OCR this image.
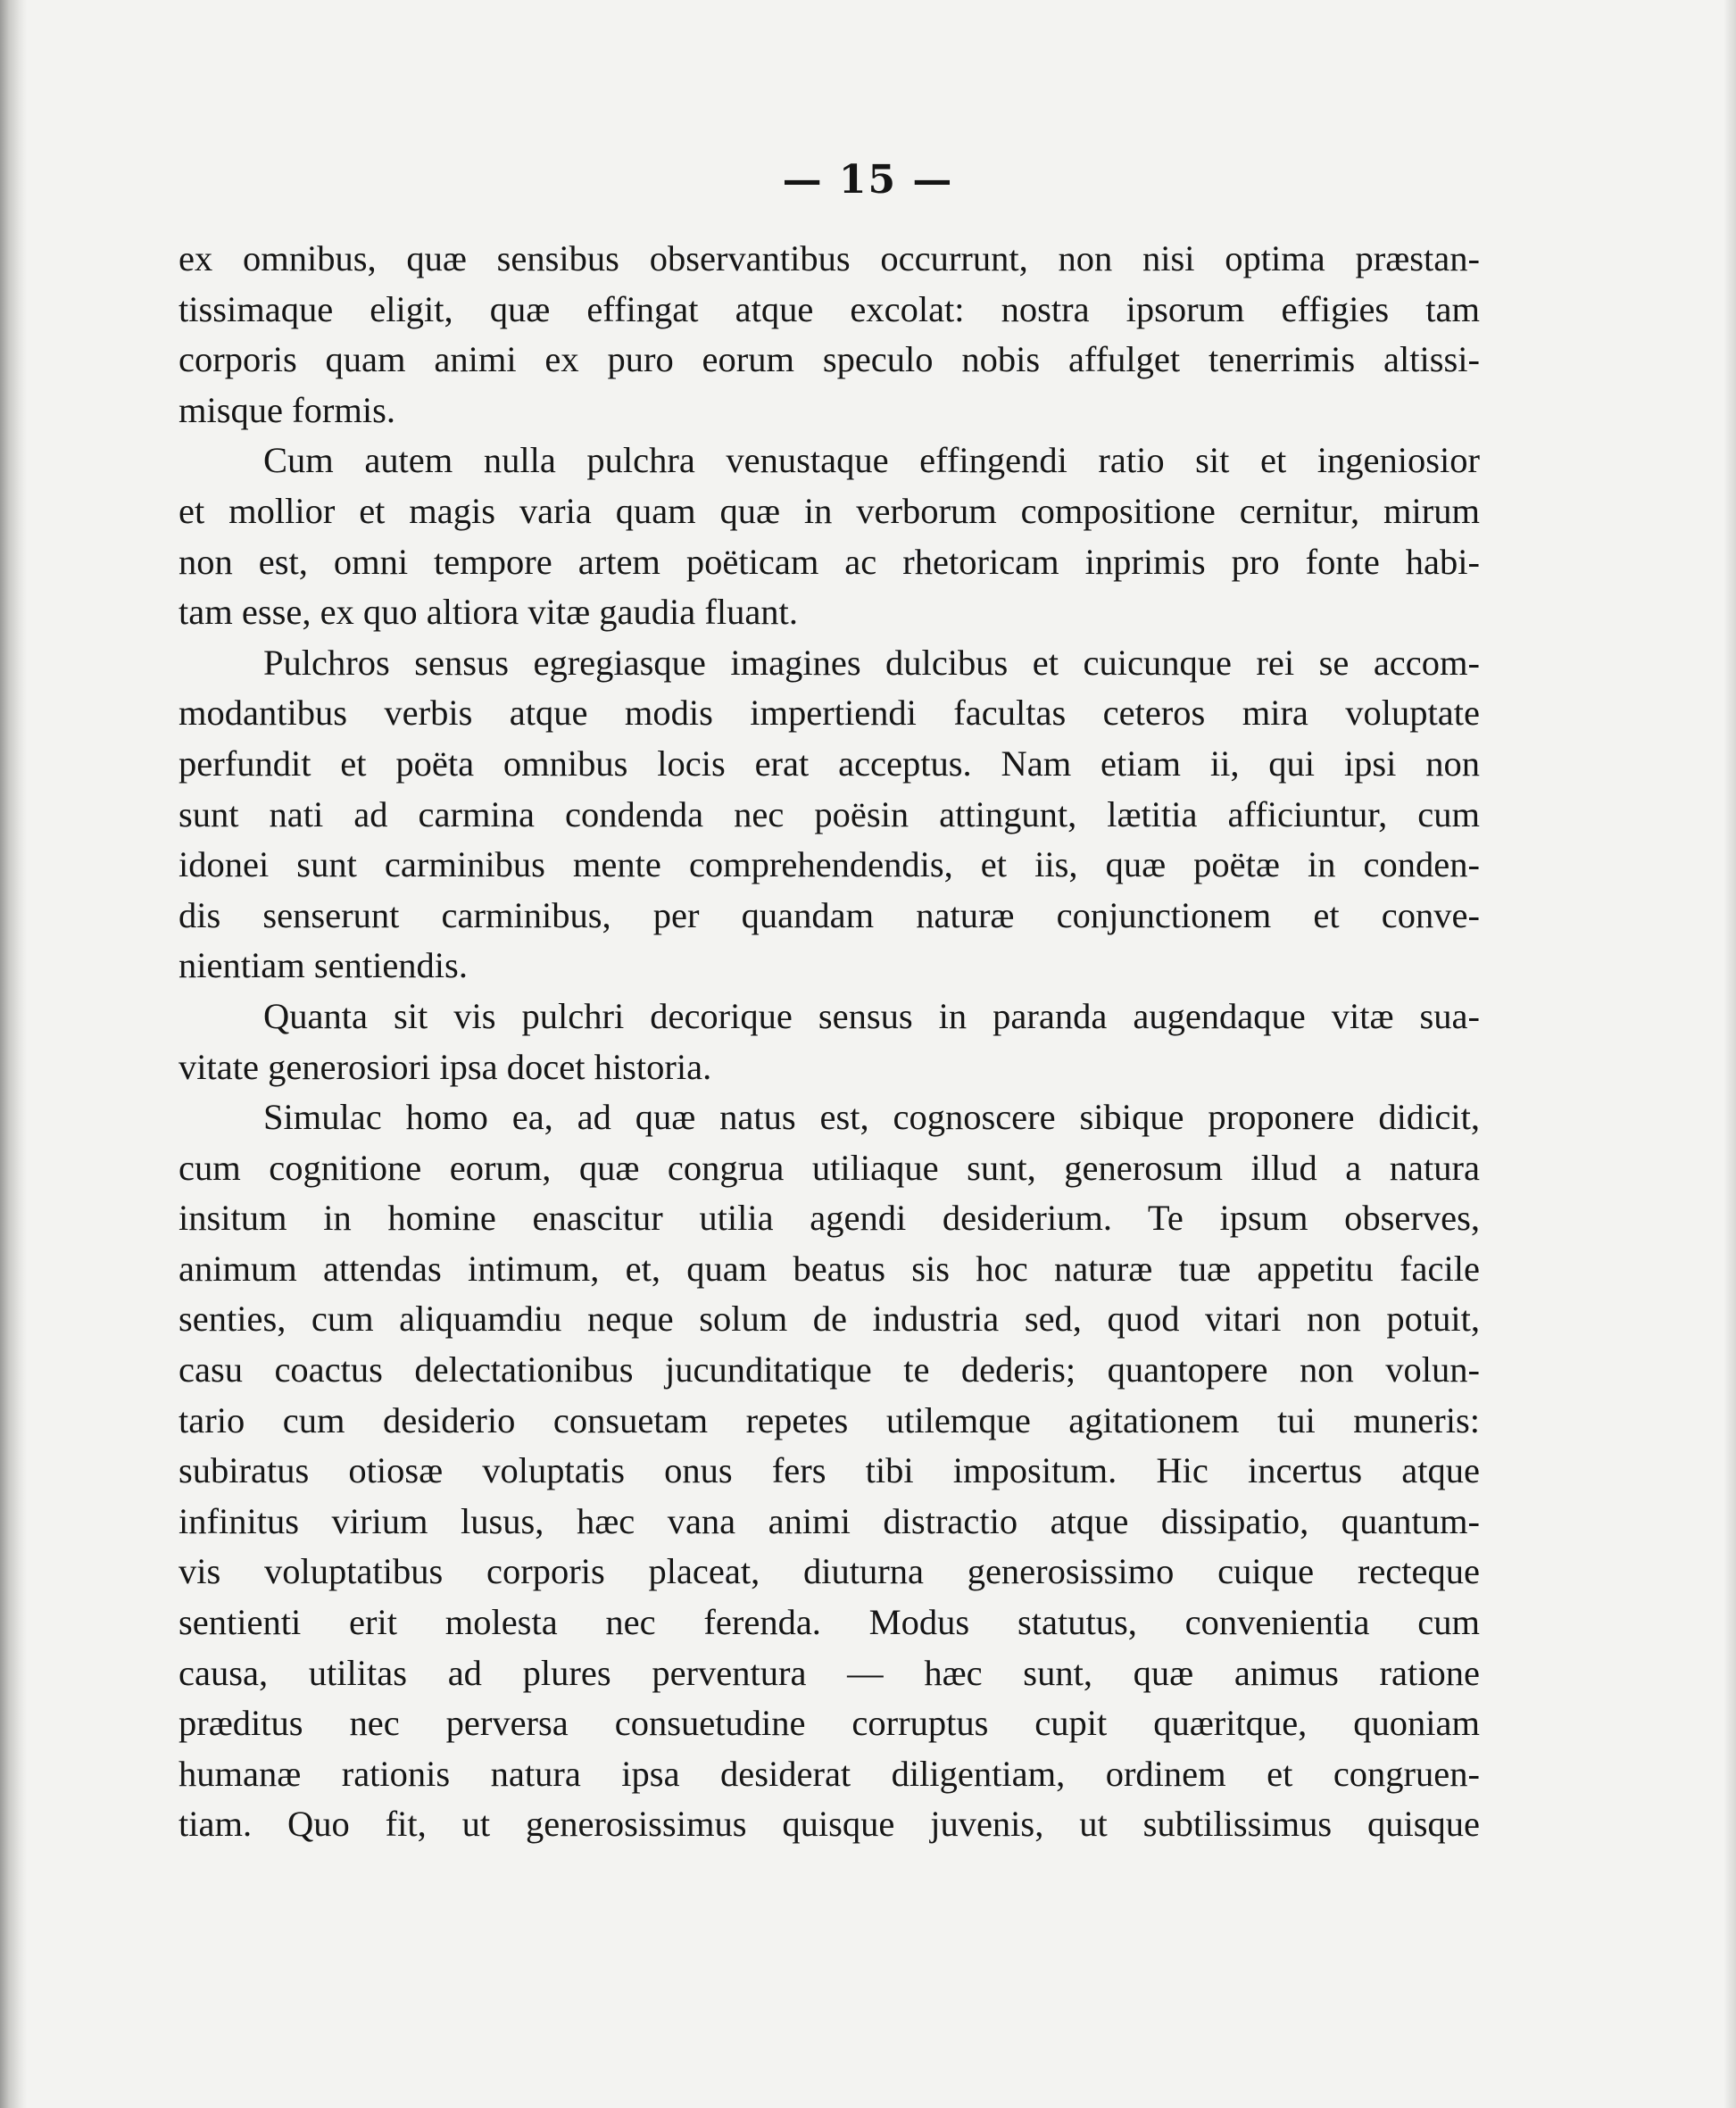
— 15 —

ex omnibus, quæ sensibus observantibus occurrunt, non nisi optima præstan-
tissimaque eligit, quæ effingat atque excolat: nostra ipsorum effigies tam
corporis quam animi ex puro eorum speculo nobis affulget tenerrimis altissi-
misque formis.

Cum autem nulla pulchra venustaque effingendi ratio sit et ingeniosior
et mollior et magis varia quam quæ in verborum compositione cernitur, mirum
non est, omni tempore artem poëticam ac rhetoricam inprimis pro fonte habi-
tam esse, ex quo altiora vitæ gaudia fluant.

Pulchros sensus egregiasque imagines dulcibus et cuicunque rei se accom-
modantibus verbis atque modis impertiendi facultas ceteros mira voluptate
perfundit et poëta omnibus locis erat acceptus. Nam etiam ii, qui ipsi non
sunt nati ad carmina condenda nec poësin attingunt, lætitia afficiuntur, cum
idonei sunt carminibus mente comprehendendis, et iis, quæ poëtæ in conden-
dis senserunt carminibus, per quandam naturæ conjunctionem et conve-
nientiam sentiendis.

Quanta sit vis pulchri decorique sensus in paranda augendaque vitæ sua-
vitate generosiori ipsa docet historia.

Simulac homo ea, ad quæ natus est, cognoscere sibique proponere didicit,
cum cognitione eorum, quæ congrua utiliaque sunt, generosum illud a natura
insitum in homine enascitur utilia agendi desiderium. Te ipsum observes,
animum attendas intimum, et, quam beatus sis hoc naturæ tuæ appetitu facile
senties, cum aliquamdiu neque solum de industria sed, quod vitari non potuit,
casu coactus delectationibus jucunditatique te dederis; quantopere non volun-
tario cum desiderio consuetam repetes utilemque agitationem tui muneris:
subiratus otiosæ voluptatis onus fers tibi impositum. Hic incertus atque
infinitus virium lusus, hæc vana animi distractio atque dissipatio, quantum-
vis voluptatibus corporis placeat, diuturna generosissimo cuique recteque
sentienti erit molesta nec ferenda. Modus statutus, convenientia cum
causa, utilitas ad plures perventura — hæc sunt, quæ animus ratione
præditus nec perversa consuetudine corruptus cupit quæritque, quoniam
humanæ rationis natura ipsa desiderat diligentiam, ordinem et congruen-
tiam. Quo fit, ut generosissimus quisque juvenis, ut subtilissimus quisque
